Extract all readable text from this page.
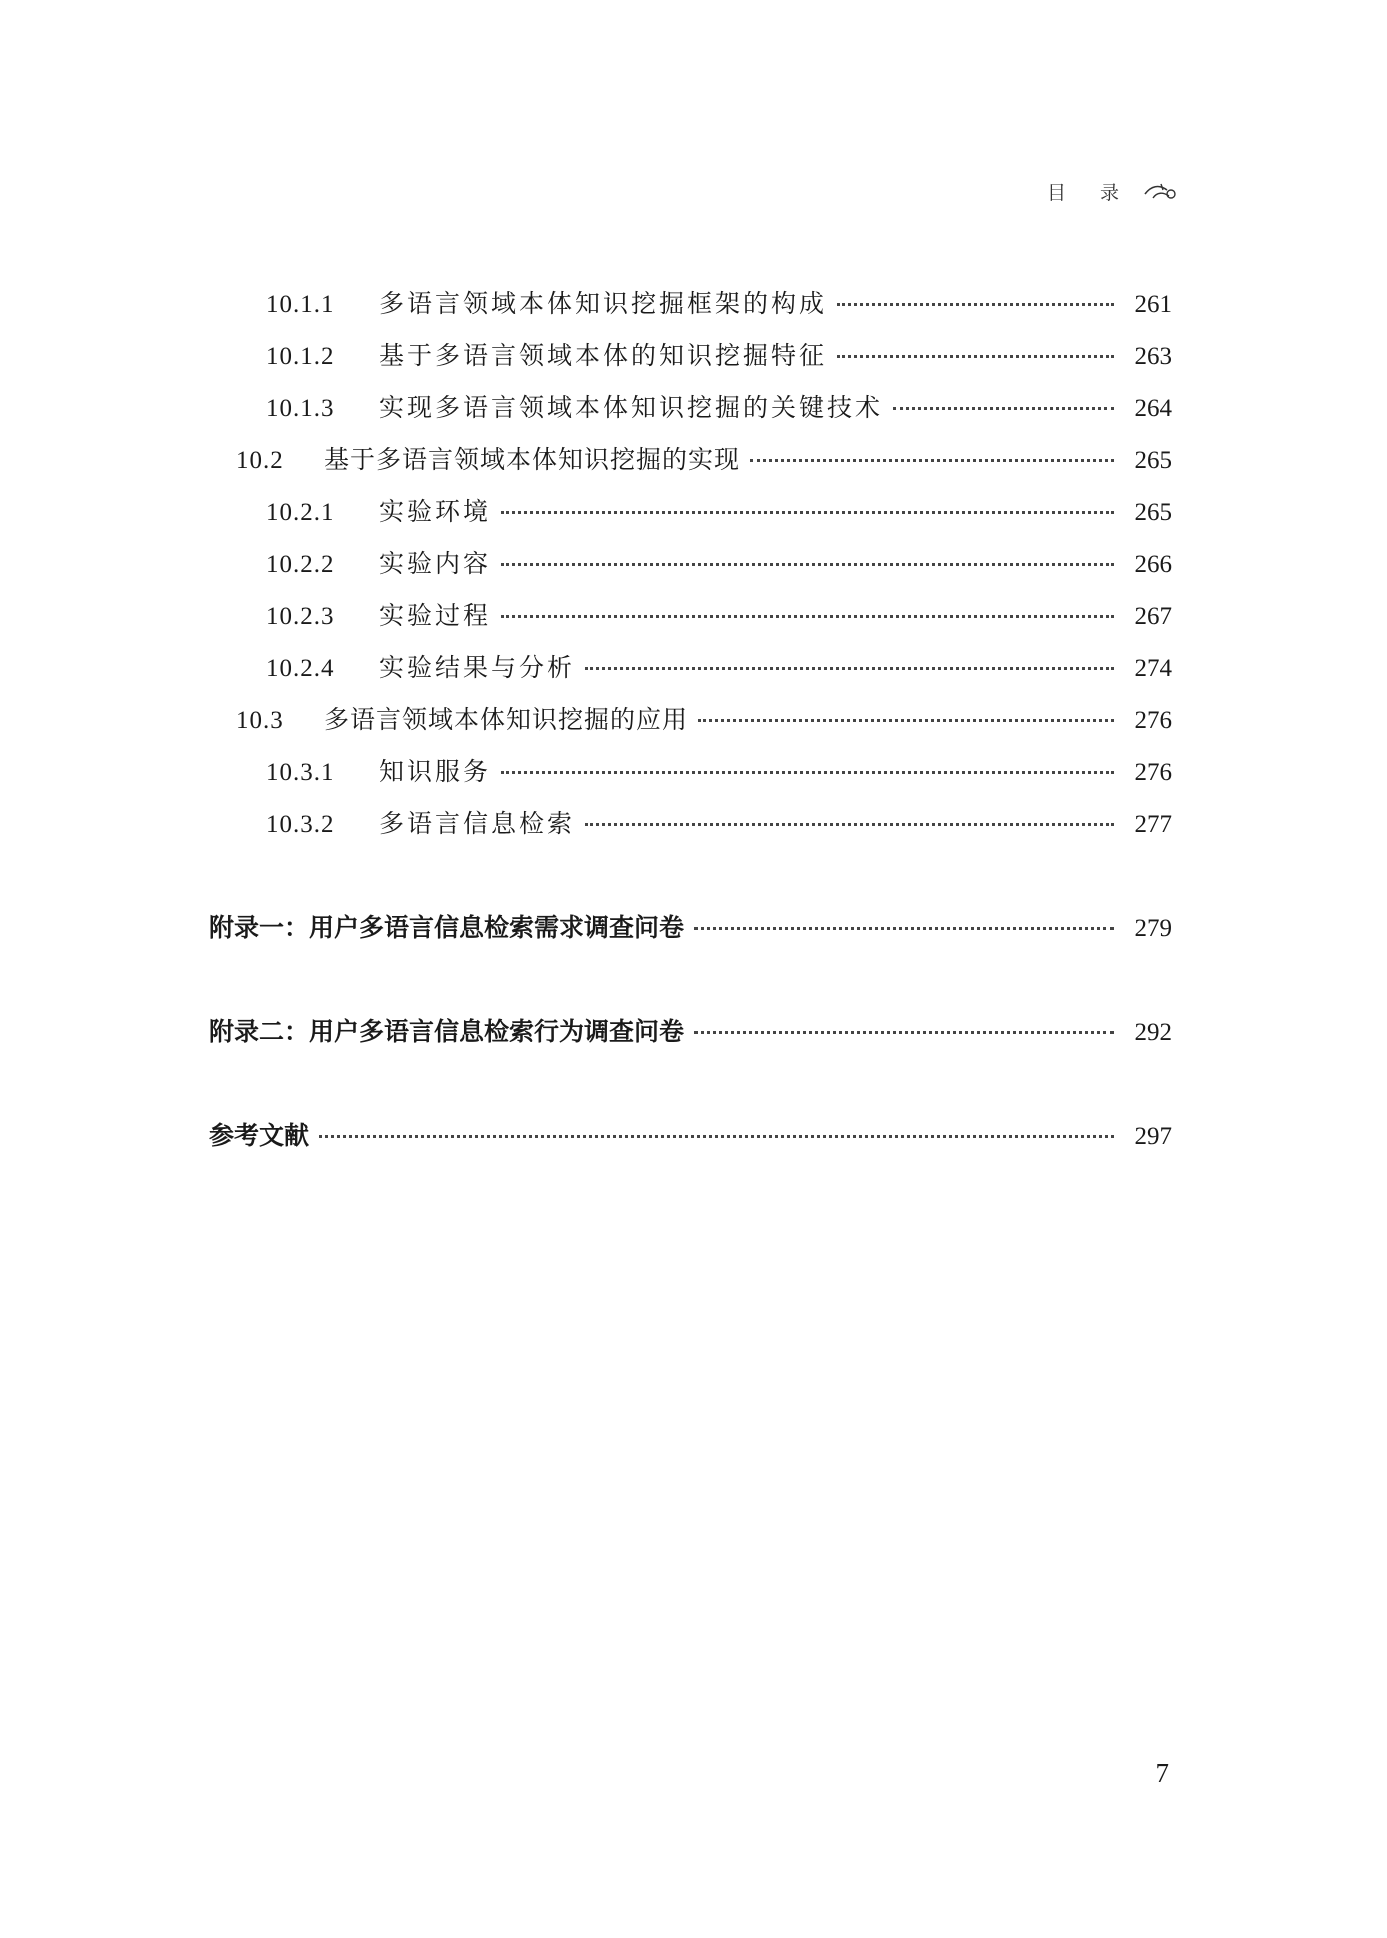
目 录
10.1.1	多语言领域本体知识挖掘框架的构成	261
10.1.2	基于多语言领域本体的知识挖掘特征	263
10.1.3	实现多语言领域本体知识挖掘的关键技术	264
10.2	基于多语言领域本体知识挖掘的实现	265
10.2.1	实验环境	265
10.2.2	实验内容	266
10.2.3	实验过程	267
10.2.4	实验结果与分析	274
10.3	多语言领域本体知识挖掘的应用	276
10.3.1	知识服务	276
10.3.2	多语言信息检索	277
附录一：用户多语言信息检索需求调查问卷	279
附录二：用户多语言信息检索行为调查问卷	292
参考文献	297
7
